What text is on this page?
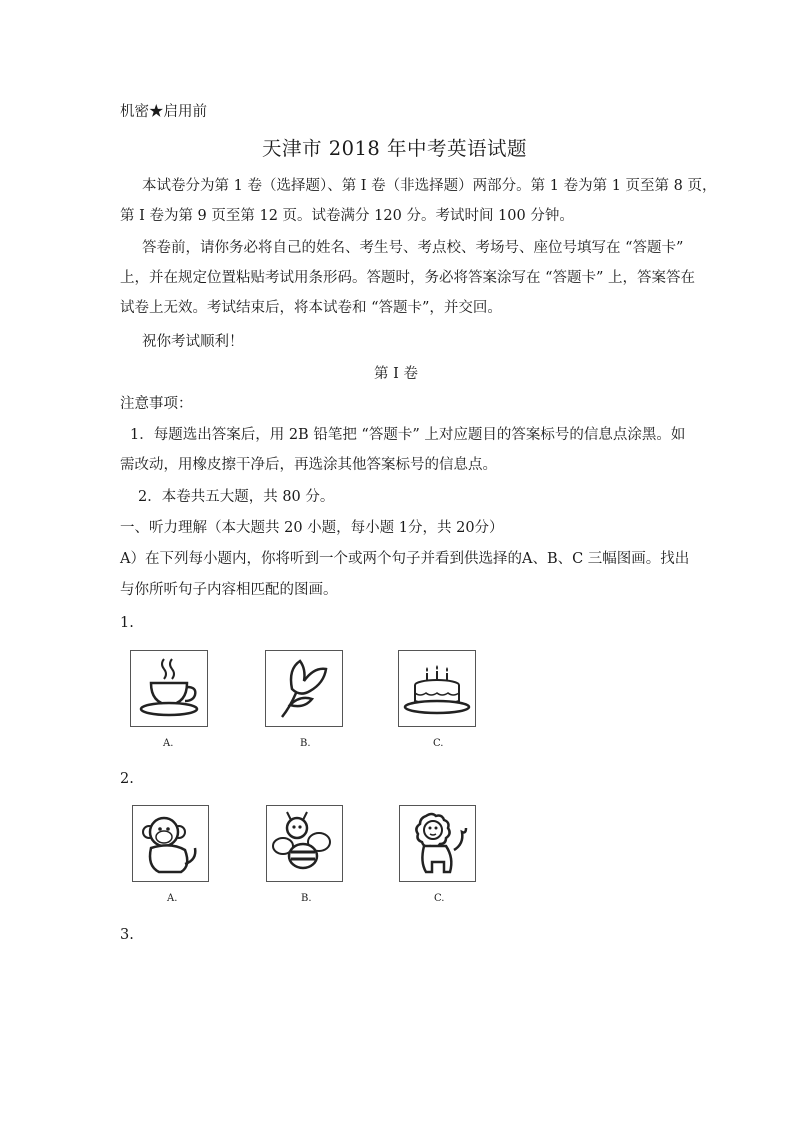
机密★启用前
天津市 2018 年中考英语试题
本试卷分为第 1 卷（选择题）、第 I 卷（非选择题）两部分。第 1 卷为第 1 页至第 8 页，
第 I 卷为第 9 页至第 12 页。试卷满分 120 分。考试时间 100 分钟。
答卷前，请你务必将自己的姓名、考生号、考点校、考场号、座位号填写在 “答题卡”
上，并在规定位置粘贴考试用条形码。答题时，务必将答案涂写在 “答题卡” 上，答案答在
试卷上无效。考试结束后，将本试卷和 “答题卡”，并交回。
祝你考试顺利！
第 I 卷
注意事项：
1．每题选出答案后，用 2B 铅笔把 “答题卡” 上对应题目的答案标号的信息点涂黑。如
需改动，用橡皮擦干净后，再选涂其他答案标号的信息点。
2．本卷共五大题，共 80 分。
一、听力理解（本大题共 20 小题，每小题 1分，共 20分）
A）在下列每小题内，你将听到一个或两个句子并看到供选择的A、B、C 三幅图画。找出
与你所听句子内容相匹配的图画。
1.
A.	B.	C.
2.
A.	B.	C.
3.
